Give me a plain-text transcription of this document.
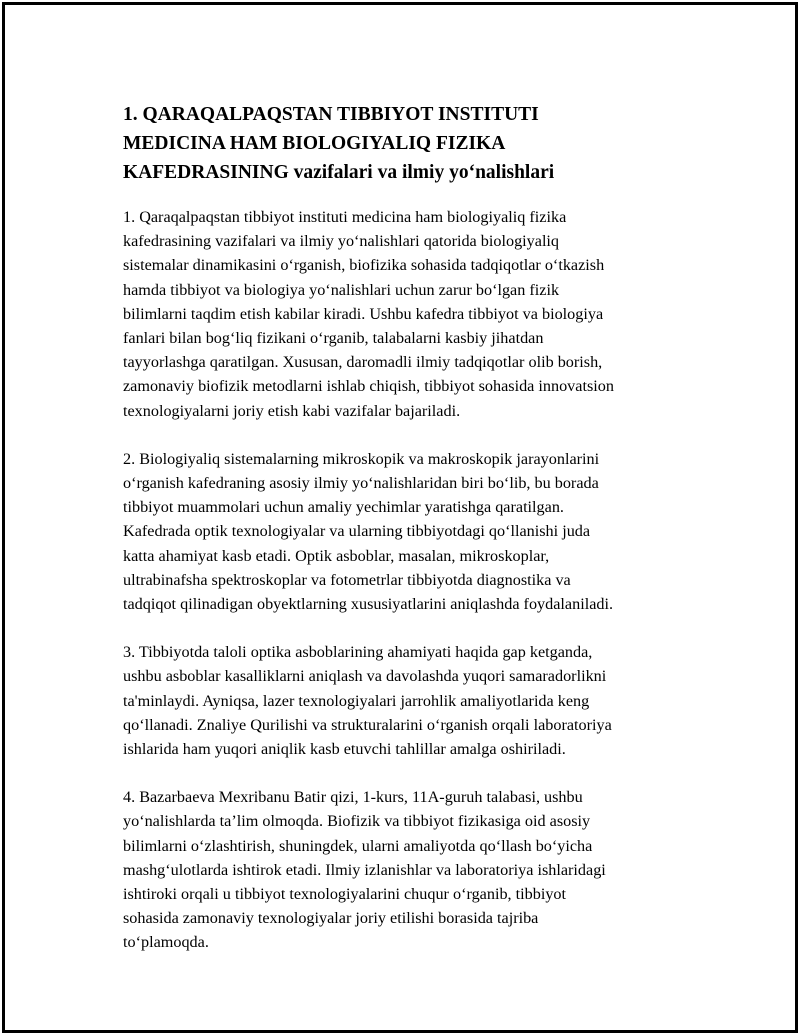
1. QARAQALPAQSTAN TIBBIYOT INSTITUTI
MEDICINA HAM BIOLOGIYALIQ FIZIKA
KAFEDRASINING vazifalari va ilmiy yo‘nalishlari

1. Qaraqalpaqstan tibbiyot instituti medicina ham biologiyaliq fizika
kafedrasining vazifalari va ilmiy yo‘nalishlari qatorida biologiyaliq
sistemalar dinamikasini o‘rganish, biofizika sohasida tadqiqotlar o‘tkazish
hamda tibbiyot va biologiya yo‘nalishlari uchun zarur bo‘lgan fizik
bilimlarni taqdim etish kabilar kiradi. Ushbu kafedra tibbiyot va biologiya
fanlari bilan bog‘liq fizikani o‘rganib, talabalarni kasbiy jihatdan
tayyorlashga qaratilgan. Xususan, daromadli ilmiy tadqiqotlar olib borish,
zamonaviy biofizik metodlarni ishlab chiqish, tibbiyot sohasida innovatsion
texnologiyalarni joriy etish kabi vazifalar bajariladi.

2. Biologiyaliq sistemalarning mikroskopik va makroskopik jarayonlarini
o‘rganish kafedraning asosiy ilmiy yo‘nalishlaridan biri bo‘lib, bu borada
tibbiyot muammolari uchun amaliy yechimlar yaratishga qaratilgan.
Kafedrada optik texnologiyalar va ularning tibbiyotdagi qo‘llanishi juda
katta ahamiyat kasb etadi. Optik asboblar, masalan, mikroskoplar,
ultrabinafsha spektroskoplar va fotometrlar tibbiyotda diagnostika va
tadqiqot qilinadigan obyektlarning xususiyatlarini aniqlashda foydalaniladi.

3. Tibbiyotda taloli optika asboblarining ahamiyati haqida gap ketganda,
ushbu asboblar kasalliklarni aniqlash va davolashda yuqori samaradorlikni
ta'minlaydi. Ayniqsa, lazer texnologiyalari jarrohlik amaliyotlarida keng
qo‘llanadi. Znaliye Qurilishi va strukturalarini o‘rganish orqali laboratoriya
ishlarida ham yuqori aniqlik kasb etuvchi tahlillar amalga oshiriladi.

4. Bazarbaeva Mexribanu Batir qizi, 1-kurs, 11A-guruh talabasi, ushbu
yo‘nalishlarda ta’lim olmoqda. Biofizik va tibbiyot fizikasiga oid asosiy
bilimlarni o‘zlashtirish, shuningdek, ularni amaliyotda qo‘llash bo‘yicha
mashg‘ulotlarda ishtirok etadi. Ilmiy izlanishlar va laboratoriya ishlaridagi
ishtiroki orqali u tibbiyot texnologiyalarini chuqur o‘rganib, tibbiyot
sohasida zamonaviy texnologiyalar joriy etilishi borasida tajriba
to‘plamoqda.
